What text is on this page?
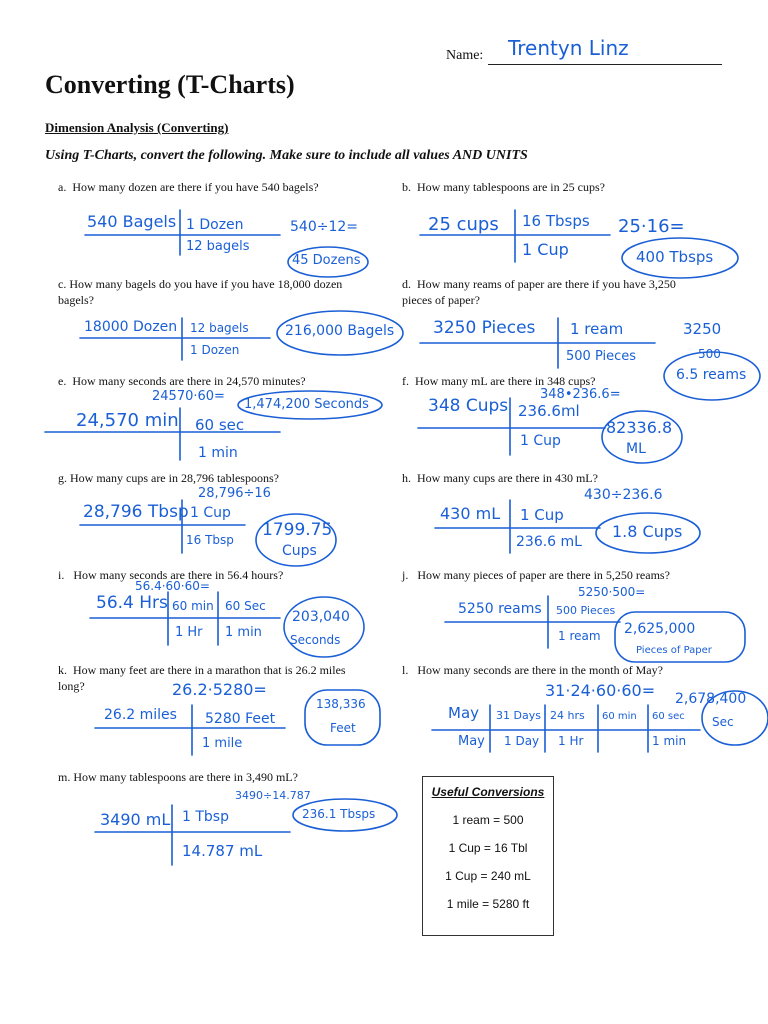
Name: Trentyn Linz
Converting (T-Charts)
Dimension Analysis (Converting)
Using T-Charts, convert the following. Make sure to include all values AND UNITS
a. How many dozen are there if you have 540 bagels?	b. How many tablespoons are in 25 cups?
c. How many bagels do you have if you have 18,000 dozen bagels?
d. How many reams of paper are there if you have 3,250 pieces of paper?
e. How many seconds are there in 24,570 minutes?	f. How many mL are there in 348 cups?
g. How many cups are in 28,796 tablespoons?	h. How many cups are there in 430 mL?
i. How many seconds are there in 56.4 hours?	j. How many pieces of paper are there in 5,250 reams?
k. How many feet are there in a marathon that is 26.2 miles long?
l. How many seconds are there in the month of May?
m. How many tablespoons are there in 3,490 mL?
540 Bagels 1 Dozen
12 bagels
540÷12=
45 Dozens
25 cups 16 Tbsps
1 Cup
25·16=
400 Tbsps
18000 Dozen 12 bagels
1 Dozen
216,000 Bagels 3250 Pieces 1 ream
500 Pieces
3250
500
6.5 reams
24,570 min 60 sec
1 min
24570·60=
1,474,200 Seconds	348 Cups 236.6ml
1 Cup
348•236.6=
82336.8
ML
28,796 Tbsp 1 Cup
16 Tbsp
28,796÷16
1799.75
Cups
430 mL 1 Cup
236.6 mL
430÷236.6
1.8 Cups
56.4 Hrs 60 min 60 Sec
1 Hr 1 min
56.4·60·60=
203,040
Seconds
5250 reams 500 Pieces
1 ream
5250·500=
2,625,000
Pieces of Paper
26.2 miles 5280 Feet
1 mile
26.2·5280=
138,336
Feet
May 31 Days 24 hrs 60 min 60 sec
May 1 Day 1 Hr	1 min
31·24·60·60= 2,678,400
Sec
3490 mL 1 Tbsp
14.787 mL
3490÷14.787
236.1 Tbsps
Useful Conversions
1 ream = 500
1 Cup = 16 Tbl
1 Cup = 240 mL
1 mile = 5280 ft
